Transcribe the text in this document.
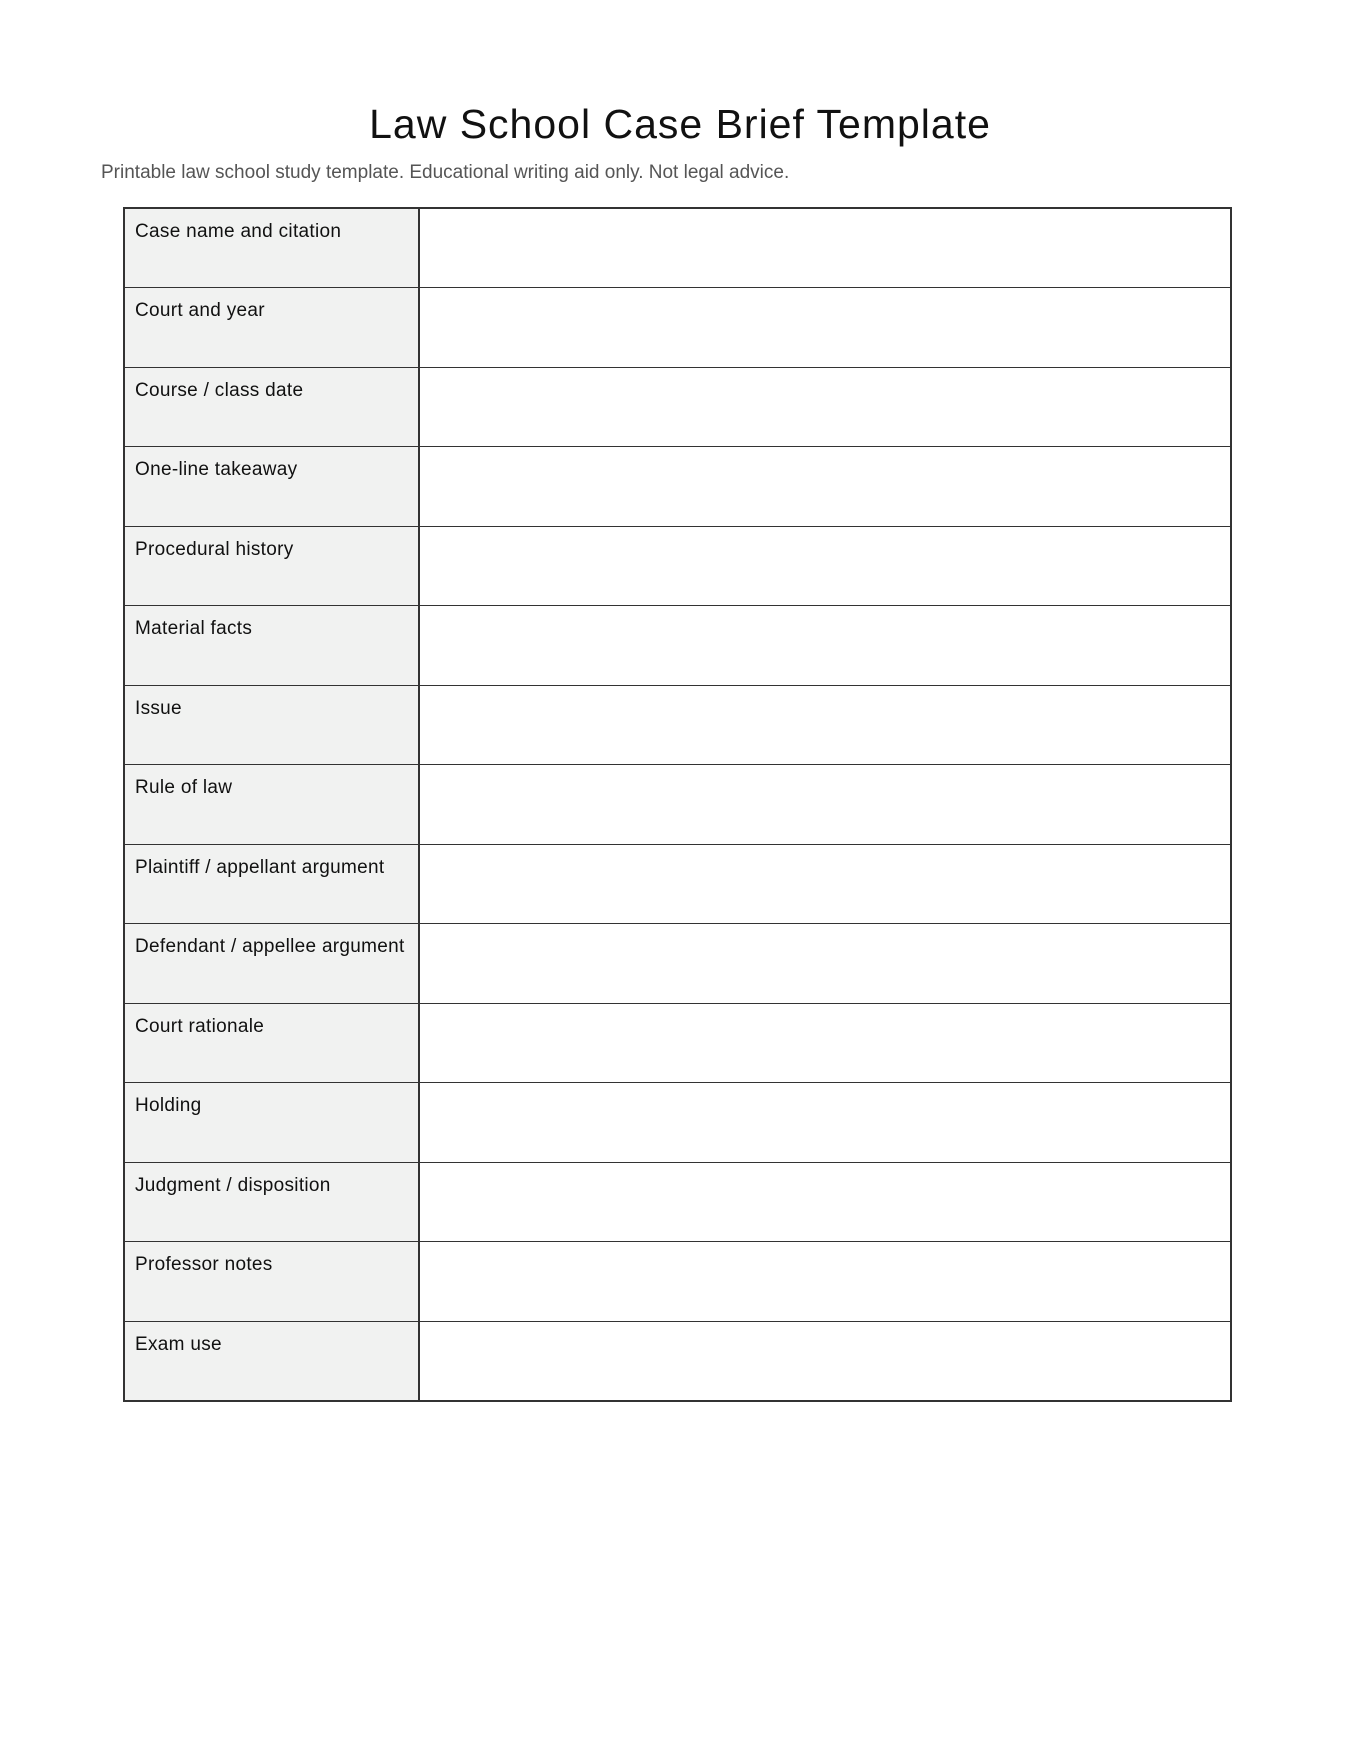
Law School Case Brief Template

Printable law school study template. Educational writing aid only. Not legal advice.

Case name and citation	
Court and year	
Course / class date	
One-line takeaway	
Procedural history	
Material facts	
Issue	
Rule of law	
Plaintiff / appellant argument	
Defendant / appellee argument	
Court rationale	
Holding	
Judgment / disposition	
Professor notes	
Exam use	
